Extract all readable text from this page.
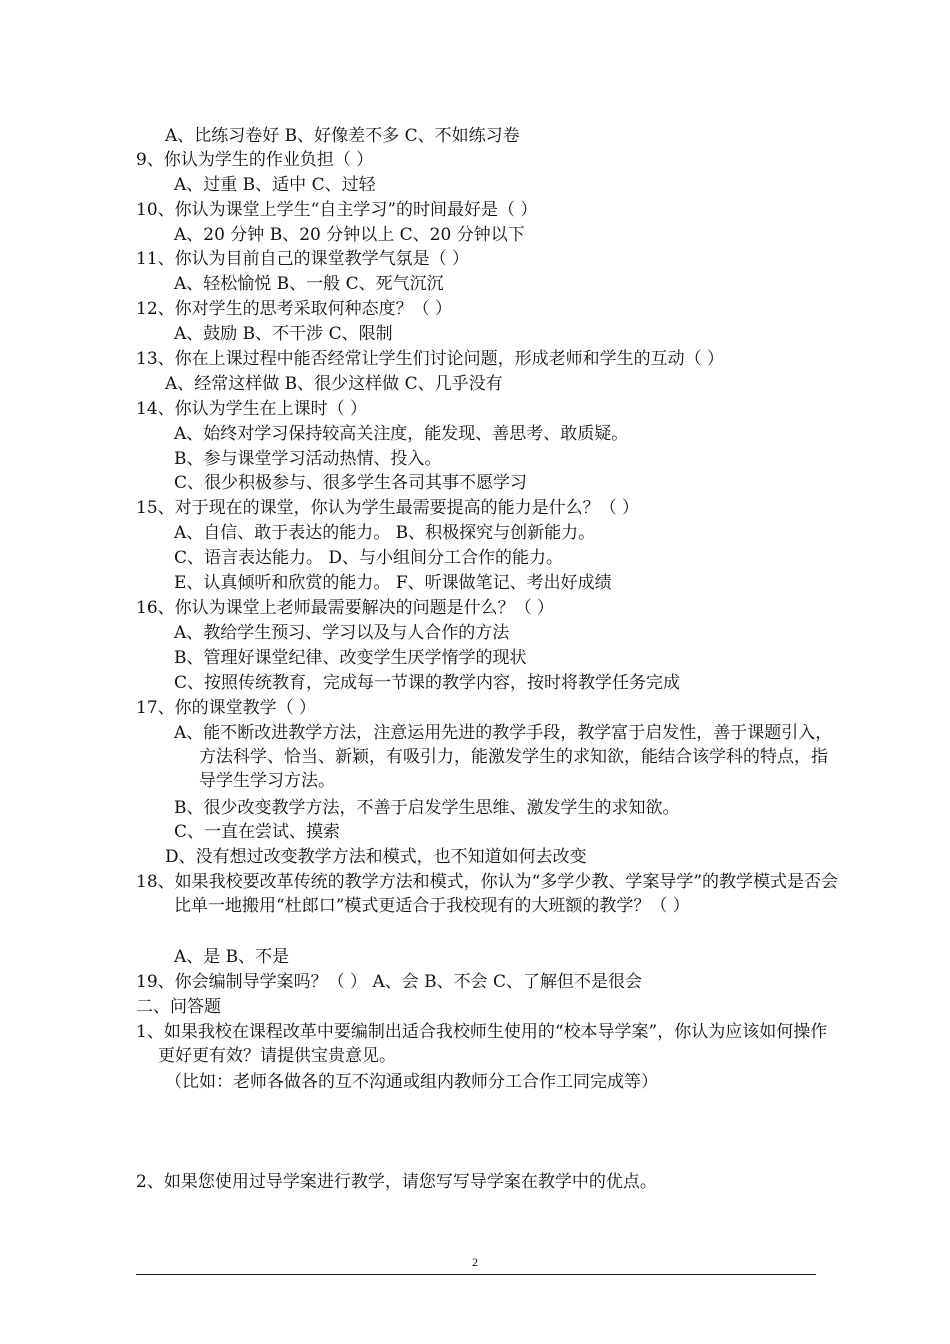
A、比练习卷好 B、好像差不多 C、不如练习卷
9、你认为学生的作业负担（ ）
A、过重 B、适中 C、过轻
10、你认为课堂上学生“自主学习”的时间最好是（ ）
A、20 分钟 B、20 分钟以上 C、20 分钟以下
11、你认为目前自己的课堂教学气氛是（ ）
A、轻松愉悦 B、一般 C、死气沉沉
12、你对学生的思考采取何种态度？（ ）
A、鼓励 B、不干涉 C、限制
13、你在上课过程中能否经常让学生们讨论问题，形成老师和学生的互动（ ）
A、经常这样做 B、很少这样做 C、几乎没有
14、你认为学生在上课时（ ）
A、始终对学习保持较高关注度，能发现、善思考、敢质疑。
B、参与课堂学习活动热情、投入。
C、很少积极参与、很多学生各司其事不愿学习
15、对于现在的课堂，你认为学生最需要提高的能力是什么？（ ）
A、自信、敢于表达的能力。 B、积极探究与创新能力。
C、语言表达能力。 D、与小组间分工合作的能力。
E、认真倾听和欣赏的能力。 F、听课做笔记、考出好成绩
16、你认为课堂上老师最需要解决的问题是什么？（ ）
A、教给学生预习、学习以及与人合作的方法
B、管理好课堂纪律、改变学生厌学惰学的现状
C、按照传统教育，完成每一节课的教学内容，按时将教学任务完成
17、你的课堂教学（ ）
A、能不断改进教学方法，注意运用先进的教学手段，教学富于启发性，善于课题引入，方法科学、恰当、新颖，有吸引力，能激发学生的求知欲，能结合该学科的特点，指导学生学习方法。
B、很少改变教学方法，不善于启发学生思维、激发学生的求知欲。
C、一直在尝试、摸索
D、没有想过改变教学方法和模式，也不知道如何去改变
18、如果我校要改革传统的教学方法和模式，你认为“多学少教、学案导学”的教学模式是否会比单一地搬用“杜郎口”模式更适合于我校现有的大班额的教学？（ ）
A、是 B、不是
19、你会编制导学案吗？（ ） A、会 B、不会 C、了解但不是很会
二、问答题
1、如果我校在课程改革中要编制出适合我校师生使用的“校本导学案”，你认为应该如何操作更好更有效？请提供宝贵意见。
（比如：老师各做各的互不沟通或组内教师分工合作工同完成等）
2、如果您使用过导学案进行教学，请您写写导学案在教学中的优点。
2
